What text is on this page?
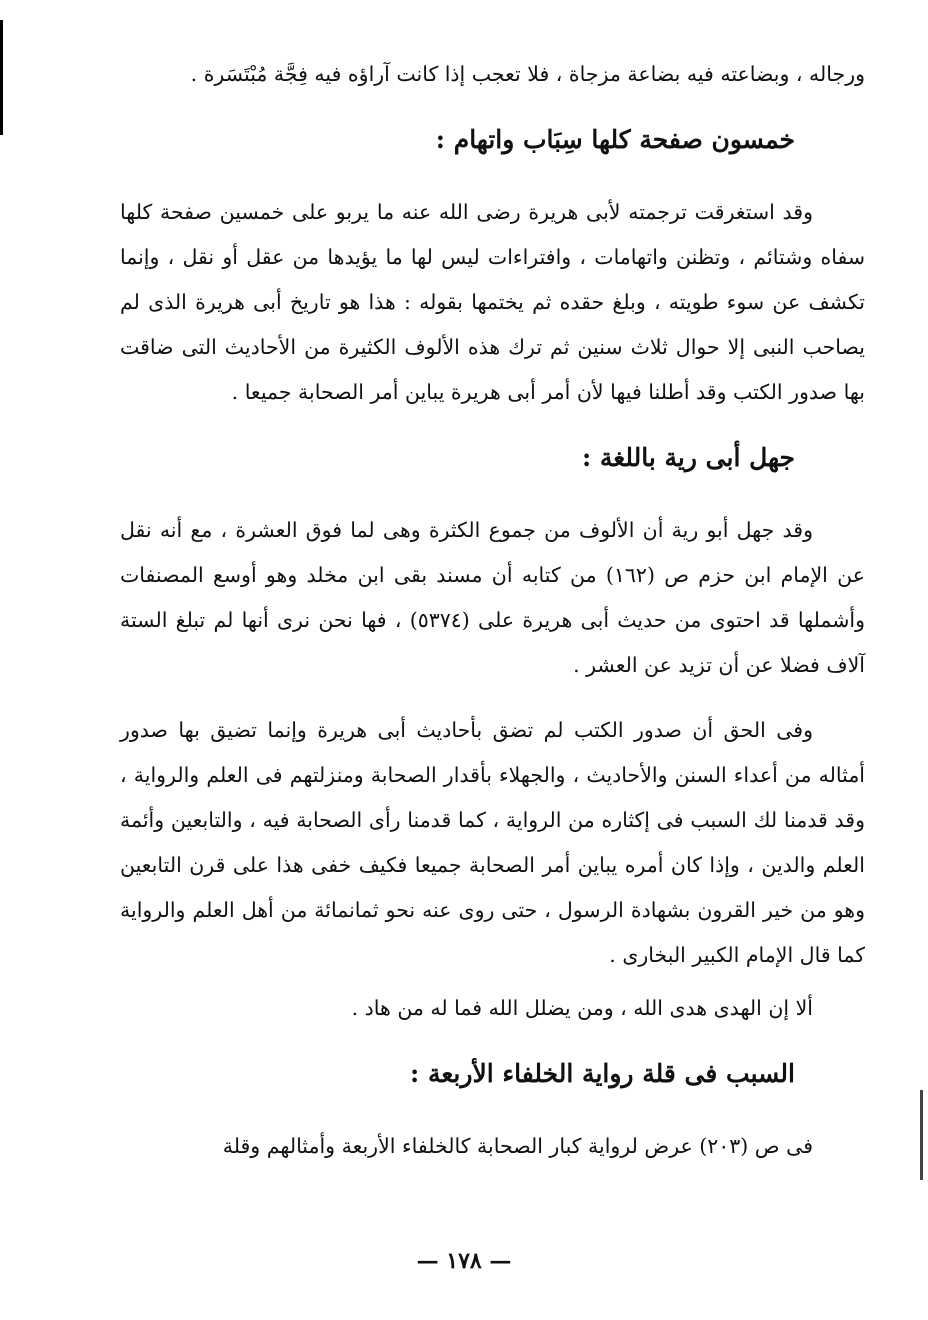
ورجاله ، وبضاعته فيه بضاعة مزجاة ، فلا تعجب إذا كانت آراؤه فيه فِجَّة مُبْتَسَرة .

خمسون صفحة كلها سِبَاب واتهام :

وقد استغرقت ترجمته لأبى هريرة رضى الله عنه ما يربو على خمسين صفحة كلها سفاه وشتائم ، وتظنن واتهامات ، وافتراءات ليس لها ما يؤيدها من عقل أو نقل ، وإنما تكشف عن سوء طويته ، وبلغ حقده ثم يختمها بقوله : هذا هو تاريخ أبى هريرة الذى لم يصاحب النبى إلا حوال ثلاث سنين ثم ترك هذه الألوف الكثيرة من الأحاديث التى ضاقت بها صدور الكتب وقد أطلنا فيها لأن أمر أبى هريرة يباين أمر الصحابة جميعا .

جهل أبى رية باللغة :

وقد جهل أبو رية أن الألوف من جموع الكثرة وهى لما فوق العشرة ، مع أنه نقل عن الإمام ابن حزم ص (١٦٢) من كتابه أن مسند بقى ابن مخلد وهو أوسع المصنفات وأشملها قد احتوى من حديث أبى هريرة على (٥٣٧٤) ، فها نحن نرى أنها لم تبلغ الستة آلاف فضلا عن أن تزيد عن العشر .

وفى الحق أن صدور الكتب لم تضق بأحاديث أبى هريرة وإنما تضيق بها صدور أمثاله من أعداء السنن والأحاديث ، والجهلاء بأقدار الصحابة ومنزلتهم فى العلم والرواية ، وقد قدمنا لك السبب فى إكثاره من الرواية ، كما قدمنا رأى الصحابة فيه ، والتابعين وأئمة العلم والدين ، وإذا كان أمره يباين أمر الصحابة جميعا فكيف خفى هذا على قرن التابعين وهو من خير القرون بشهادة الرسول ، حتى روى عنه نحو ثمانمائة من أهل العلم والرواية كما قال الإمام الكبير البخارى .

ألا إن الهدى هدى الله ، ومن يضلل الله فما له من هاد .

السبب فى قلة رواية الخلفاء الأربعة :

فى ص (٢٠٣) عرض لرواية كبار الصحابة كالخلفاء الأربعة وأمثالهم وقلة

— ١٧٨ —
